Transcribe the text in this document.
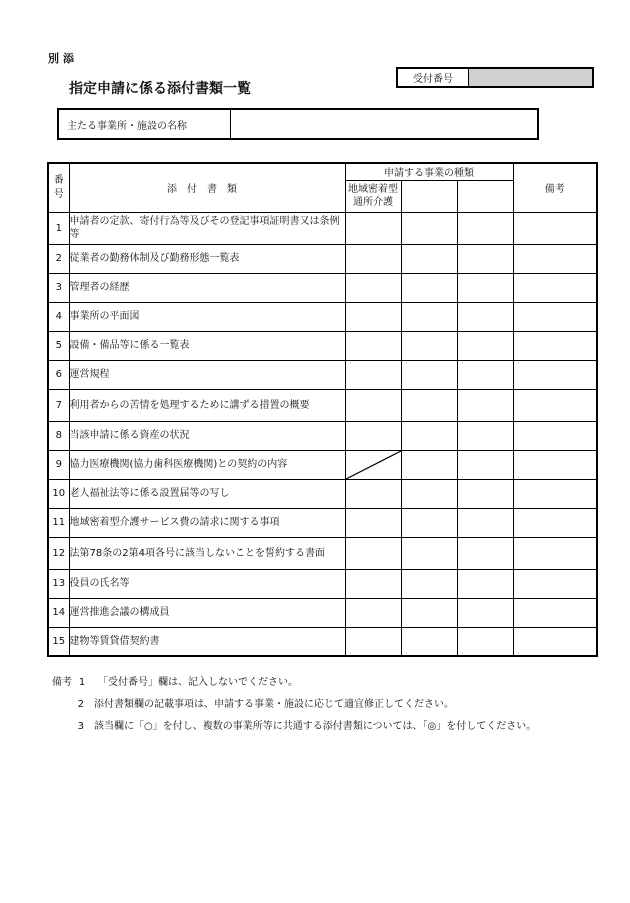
別添
指定申請に係る添付書類一覧
受付番号
主たる事業所・施設の名称
番号	添付書類	申請する事業の種類			備考
		地域密着型通所介護			
1	申請者の定款、寄付行為等及びその登記事項証明書又は条例等				
2	従業者の勤務体制及び勤務形態一覧表				
3	管理者の経歴				
4	事業所の平面図				
5	設備・備品等に係る一覧表				
6	運営規程				
7	利用者からの苦情を処理するために講ずる措置の概要				
8	当該申請に係る資産の状況				
9	協力医療機関(協力歯科医療機関)との契約の内容	

10	老人福祉法等に係る設置届等の写し				
11	地域密着型介護サービス費の請求に関する事項				
12	法第78条の2第4項各号に該当しないことを誓約する書面				
13	役員の氏名等				
14	運営推進会議の構成員				
15	建物等賃貸借契約書				
備考 1 「受付番号」欄は、記入しないでください。
2 添付書類欄の記載事項は、申請する事業・施設に応じて適宜修正してください。
3 該当欄に「○」を付し、複数の事業所等に共通する添付書類については、「◎」を付してください。
